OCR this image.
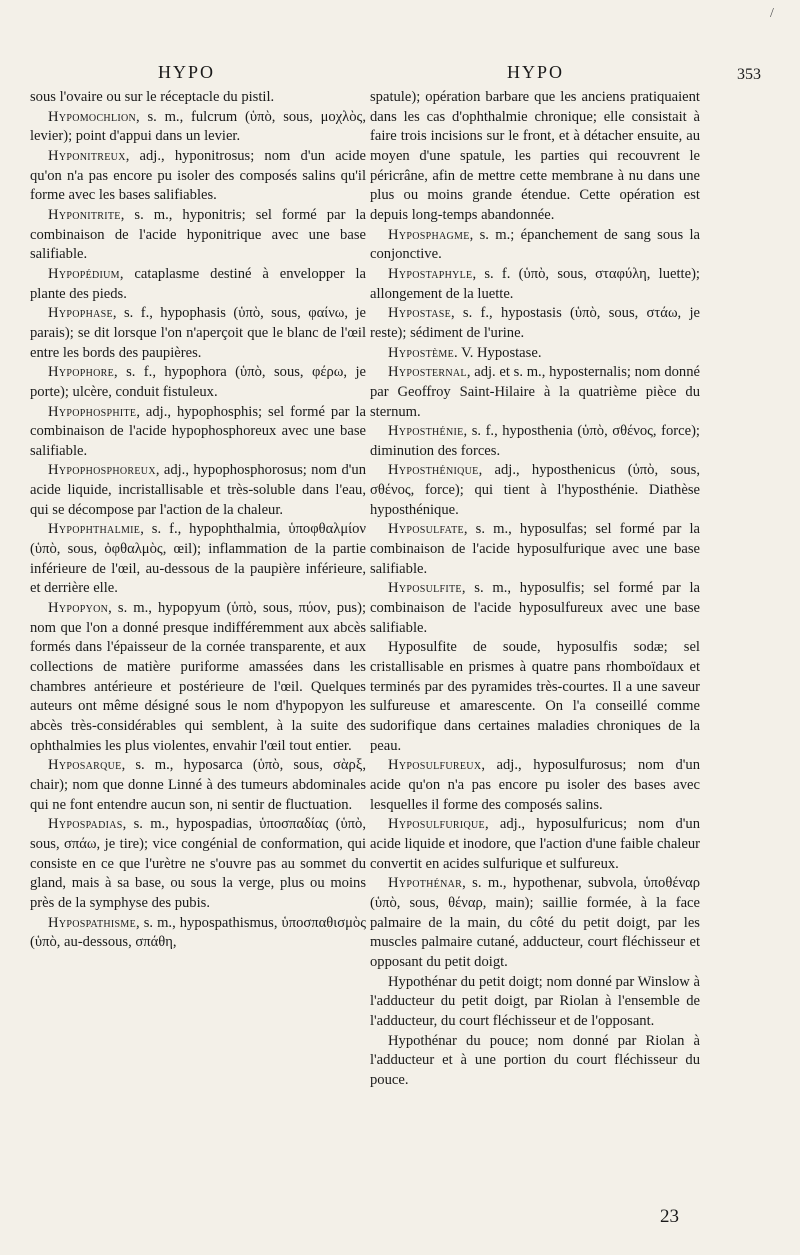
/
HYPO	HYPO	353

sous l'ovaire ou sur le réceptacle du pistil.

Hypomochlion, s. m., fulcrum (ὑπὸ, sous, μοχλὸς, levier); point d'appui dans un levier.

Hyponitreux, adj., hyponitrosus; nom d'un acide qu'on n'a pas encore pu isoler des composés salins qu'il forme avec les bases salifiables.

Hyponitrite, s. m., hyponitris; sel formé par la combinaison de l'acide hyponitrique avec une base salifiable.

Hypopédium, cataplasme destiné à envelopper la plante des pieds.

Hypophase, s. f., hypophasis (ὑπὸ, sous, φαίνω, je parais); se dit lorsque l'on n'aperçoit que le blanc de l'œil entre les bords des paupières.

Hypophore, s. f., hypophora (ὑπὸ, sous, φέρω, je porte); ulcère, conduit fistuleux.

Hypophosphite, adj., hypophosphis; sel formé par la combinaison de l'acide hypophosphoreux avec une base salifiable.

Hypophosphoreux, adj., hypophosphorosus; nom d'un acide liquide, incristallisable et très-soluble dans l'eau, qui se décompose par l'action de la chaleur.

Hypophthalmie, s. f., hypophthalmia, ὑποφθαλμίον (ὑπὸ, sous, ὀφθαλμὸς, œil); inflammation de la partie inférieure de l'œil, au-dessous de la paupière inférieure, et derrière elle.

Hypopyon, s. m., hypopyum (ὑπὸ, sous, πύον, pus); nom que l'on a donné presque indifféremment aux abcès formés dans l'épaisseur de la cornée transparente, et aux collections de matière puriforme amassées dans les chambres antérieure et postérieure de l'œil. Quelques auteurs ont même désigné sous le nom d'hypopyon les abcès très-considérables qui semblent, à la suite des ophthalmies les plus violentes, envahir l'œil tout entier.

Hyposarque, s. m., hyposarca (ὑπὸ, sous, σὰρξ, chair); nom que donne Linné à des tumeurs abdominales qui ne font entendre aucun son, ni sentir de fluctuation.

Hypospadias, s. m., hypospadias, ὑποσπαδίας (ὑπὸ, sous, σπάω, je tire); vice congénial de conformation, qui consiste en ce que l'urètre ne s'ouvre pas au sommet du gland, mais à sa base, ou sous la verge, plus ou moins près de la symphyse des pubis.

Hypospathisme, s. m., hypospathismus, ὑποσπαθισμὸς (ὑπὸ, au-dessous, σπάθη,

spatule); opération barbare que les anciens pratiquaient dans les cas d'ophthalmie chronique; elle consistait à faire trois incisions sur le front, et à détacher ensuite, au moyen d'une spatule, les parties qui recouvrent le péricrâne, afin de mettre cette membrane à nu dans une plus ou moins grande étendue. Cette opération est depuis long-temps abandonnée.

Hyposphagme, s. m.; épanchement de sang sous la conjonctive.

Hypostaphyle, s. f. (ὑπὸ, sous, σταφύλη, luette); allongement de la luette.

Hypostase, s. f., hypostasis (ὑπὸ, sous, στάω, je reste); sédiment de l'urine.

Hypostème. V. Hypostase.

Hyposternal, adj. et s. m., hyposternalis; nom donné par Geoffroy Saint-Hilaire à la quatrième pièce du sternum.

Hyposthénie, s. f., hyposthenia (ὑπὸ, σθένος, force); diminution des forces.

Hyposthénique, adj., hyposthenicus (ὑπὸ, sous, σθένος, force); qui tient à l'hyposthénie. Diathèse hyposthénique.

Hyposulfate, s. m., hyposulfas; sel formé par la combinaison de l'acide hyposulfurique avec une base salifiable.

Hyposulfite, s. m., hyposulfis; sel formé par la combinaison de l'acide hyposulfureux avec une base salifiable.

Hyposulfite de soude, hyposulfis sodæ; sel cristallisable en prismes à quatre pans rhomboïdaux et terminés par des pyramides très-courtes. Il a une saveur sulfureuse et amarescente. On l'a conseillé comme sudorifique dans certaines maladies chroniques de la peau.

Hyposulfureux, adj., hyposulfurosus; nom d'un acide qu'on n'a pas encore pu isoler des bases avec lesquelles il forme des composés salins.

Hyposulfurique, adj., hyposulfuricus; nom d'un acide liquide et inodore, que l'action d'une faible chaleur convertit en acides sulfurique et sulfureux.

Hypothénar, s. m., hypothenar, subvola, ὑποθέναρ (ὑπὸ, sous, θέναρ, main); saillie formée, à la face palmaire de la main, du côté du petit doigt, par les muscles palmaire cutané, adducteur, court fléchisseur et opposant du petit doigt.

Hypothénar du petit doigt; nom donné par Winslow à l'adducteur du petit doigt, par Riolan à l'ensemble de l'adducteur, du court fléchisseur et de l'opposant.

Hypothénar du pouce; nom donné par Riolan à l'adducteur et à une portion du court fléchisseur du pouce.

23
